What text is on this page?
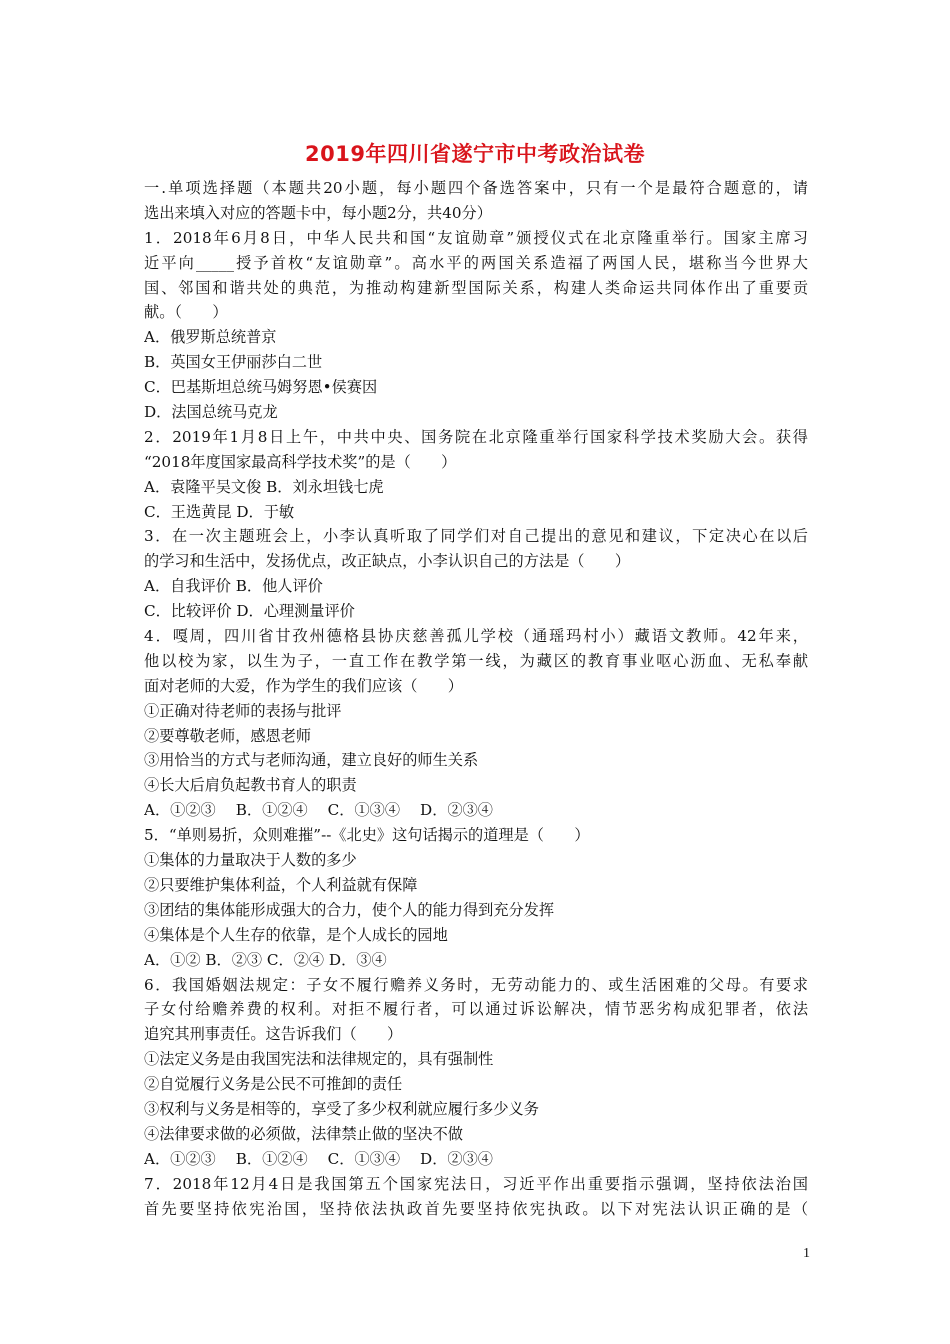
2019年四川省遂宁市中考政治试卷
一.单项选择题（本题共20小题，每小题四个备选答案中，只有一个是最符合题意的，请
选出来填入对应的答题卡中，每小题2分，共40分）
1．2018年6月8日，中华人民共和国“友谊勋章”颁授仪式在北京隆重举行。国家主席习
近平向_____授予首枚“友谊勋章”。高水平的两国关系造福了两国人民，堪称当今世界大
国、邻国和谐共处的典范，为推动构建新型国际关系，构建人类命运共同体作出了重要贡
献。（　　）
A．俄罗斯总统普京
B．英国女王伊丽莎白二世
C．巴基斯坦总统马姆努恩•侯赛因
D．法国总统马克龙
2．2019年1月8日上午，中共中央、国务院在北京隆重举行国家科学技术奖励大会。获得
“2018年度国家最高科学技术奖”的是（　　）
A．袁隆平吴文俊 B．刘永坦钱七虎
C．王选黄昆 D．于敏
3．在一次主题班会上，小李认真听取了同学们对自己提出的意见和建议，下定决心在以后
的学习和生活中，发扬优点，改正缺点，小李认识自己的方法是（　　）
A．自我评价 B．他人评价
C．比较评价 D．心理测量评价
4．嘎周，四川省甘孜州德格县协庆慈善孤儿学校（通瑶玛村小）藏语文教师。42年来，
他以校为家，以生为子，一直工作在教学第一线，为藏区的教育事业呕心沥血、无私奉献
面对老师的大爱，作为学生的我们应该（　　）
①正确对待老师的表扬与批评
②要尊敬老师，感恩老师
③用恰当的方式与老师沟通，建立良好的师生关系
④长大后肩负起教书育人的职责
A．①②③　 B．①②④　 C．①③④　 D．②③④
5．“单则易折，众则难摧”--《北史》这句话揭示的道理是（　　）
①集体的力量取决于人数的多少
②只要维护集体利益，个人利益就有保障
③团结的集体能形成强大的合力，使个人的能力得到充分发挥
④集体是个人生存的依靠，是个人成长的园地
A．①② B．②③ C．②④ D．③④
6．我国婚姻法规定：子女不履行赡养义务时，无劳动能力的、或生活困难的父母。有要求
子女付给赡养费的权利。对拒不履行者，可以通过诉讼解决，情节恶劣构成犯罪者，依法
追究其刑事责任。这告诉我们（　　）
①法定义务是由我国宪法和法律规定的，具有强制性
②自觉履行义务是公民不可推卸的责任
③权利与义务是相等的，享受了多少权利就应履行多少义务
④法律要求做的必须做，法律禁止做的坚决不做
A．①②③　 B．①②④　 C．①③④　 D．②③④
7．2018年12月4日是我国第五个国家宪法日，习近平作出重要指示强调，坚持依法治国
首先要坚持依宪治国，坚持依法执政首先要坚持依宪执政。以下对宪法认识正确的是（
1
